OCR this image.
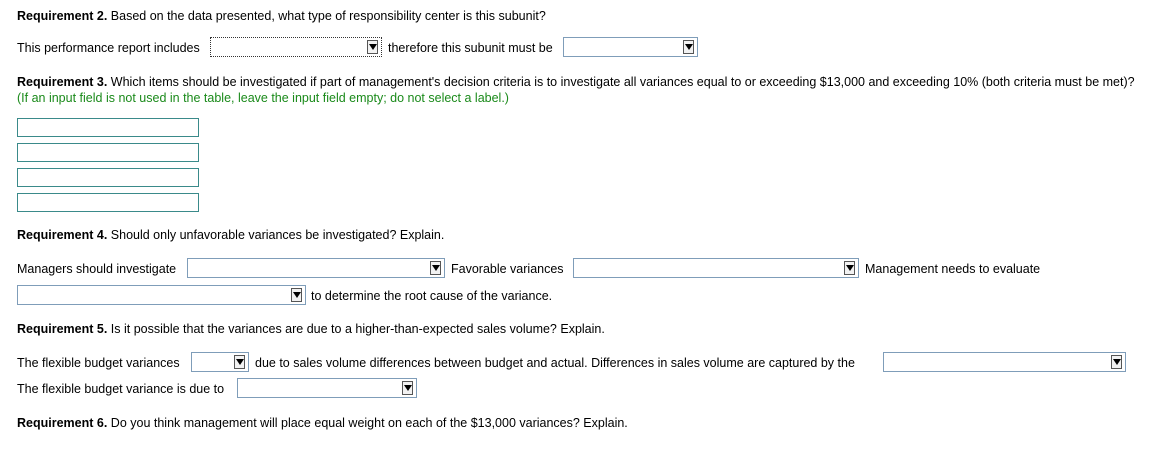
Requirement 2. Based on the data presented, what type of responsibility center is this subunit?
This performance report includes	therefore this subunit must be
Requirement 3. Which items should be investigated if part of management's decision criteria is to investigate all variances equal to or exceeding $13,000 and exceeding 10% (both criteria must be met)? (If an input field is not used in the table, leave the input field empty; do not select a label.)
Requirement 4. Should only unfavorable variances be investigated? Explain.
Managers should investigate	Favorable variances	Management needs to evaluate
to determine the root cause of the variance.
Requirement 5. Is it possible that the variances are due to a higher-than-expected sales volume? Explain.
The flexible budget variances	due to sales volume differences between budget and actual. Differences in sales volume are captured by the
The flexible budget variance is due to
Requirement 6. Do you think management will place equal weight on each of the $13,000 variances? Explain.
